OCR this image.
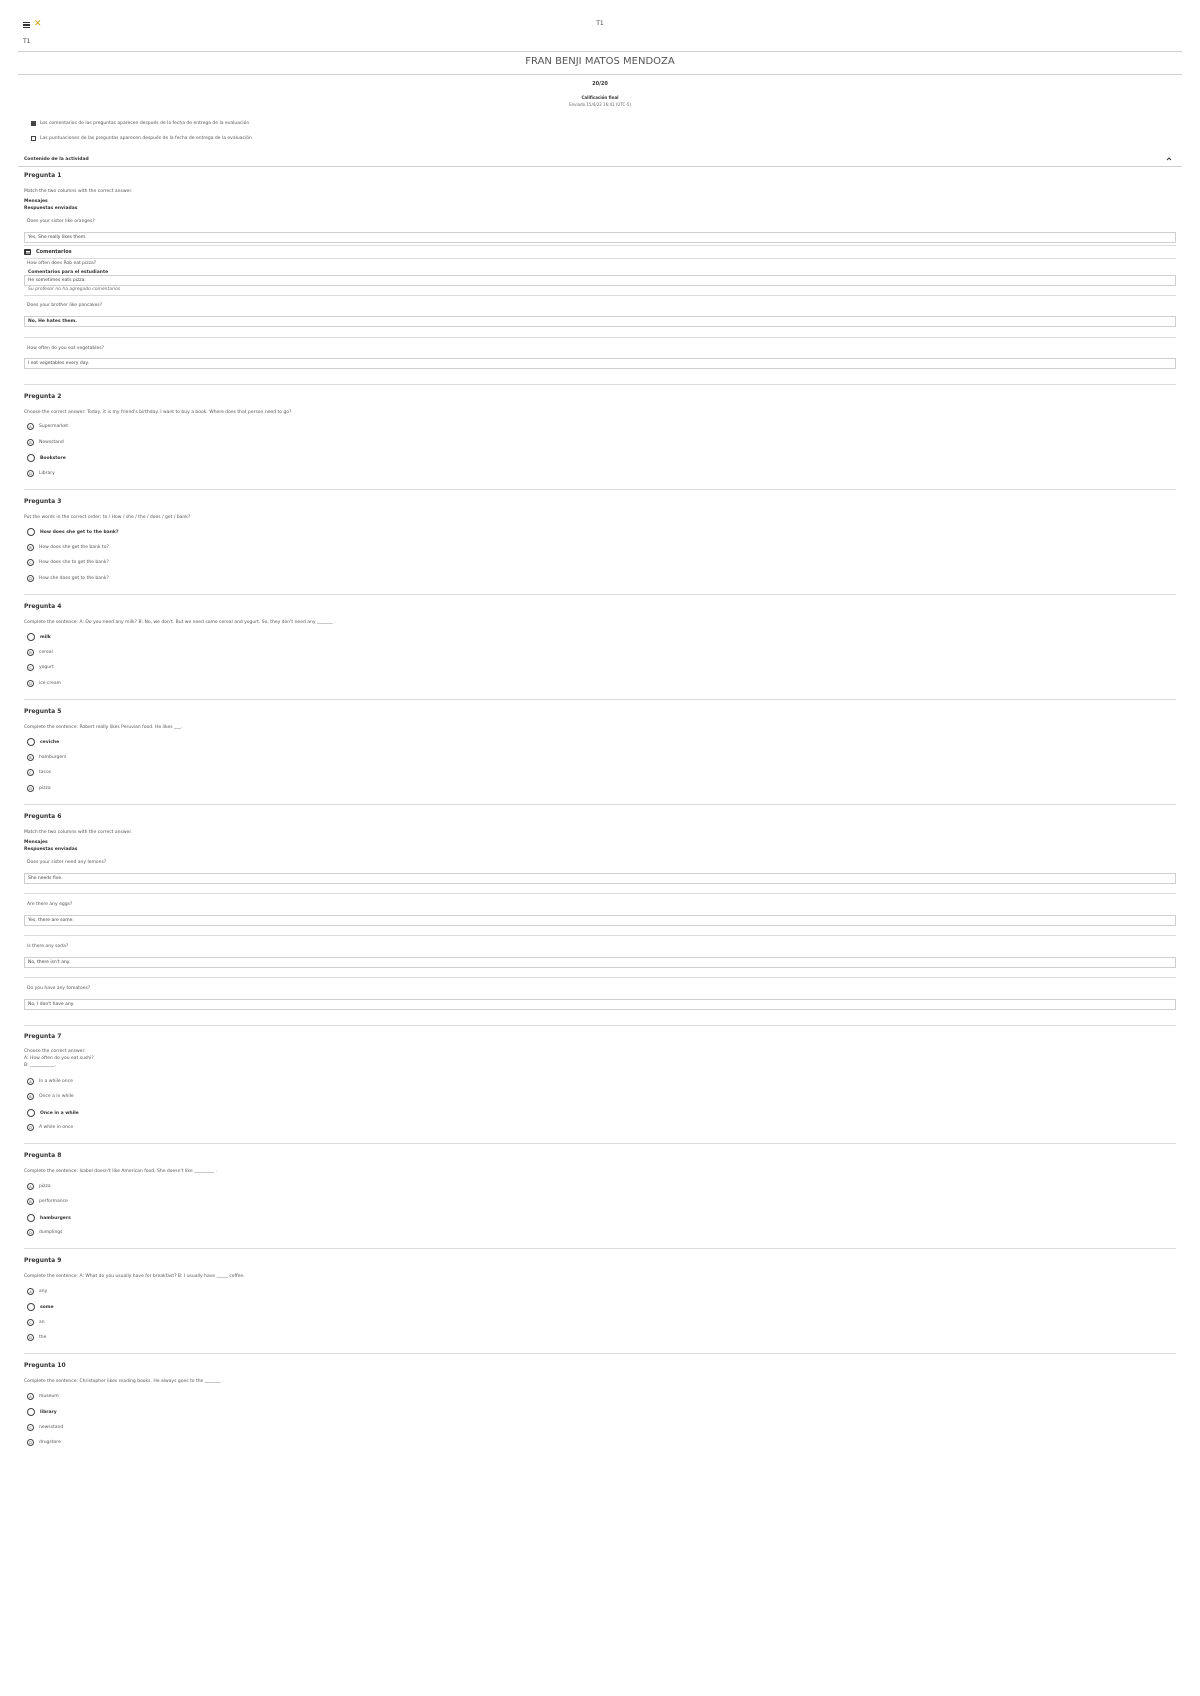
✕	T1
T1
FRAN BENJI MATOS MENDOZA
20/20
Calificación final
Enviado 15/4/22 16:41 (UTC-5)
Los comentarios de las preguntas aparecen después de la fecha de entrega de la evaluación
Las puntuaciones de las preguntas aparecen después de la fecha de entrega de la evaluación
Contenido de la actividad
Pregunta 1
Match the two columns with the correct answer.
Mensajes
Respuestas enviadas
Does your sister like oranges?
Yes, She really likes them.
Comentarios
How often does Rob eat pizza?
Comentarios para el estudiante
He sometimes eats pizza.
Su profesor no ha agregado comentarios
Does your brother like pancakes?
No, He hates them.
How often do you eat vegetables?
I eat vegetables every day.
Pregunta 2
Choose the correct answer: Today, it is my friend's birthday. I want to buy a book. Where does that person need to go?
A	Supermarket
B	Newsstand
Bookstore
D	Library
Pregunta 3
Put the words in the correct order: to / How / she / the / does / get / bank?
How does she get to the bank?
B	How does she get the bank to?
C	How does she to get the bank?
D	How she does get to the bank?
Pregunta 4
Complete the sentence: A: Do you need any milk? B: No, we don't. But we need some cereal and yogurt. So, they don't need any _______ .
milk
B	cereal
C	yogurt
D	ice cream
Pregunta 5
Complete the sentence: Robert really likes Peruvian food. He likes ___.
ceviche
B	hamburgers
C	tacos
D	pizza
Pregunta 6
Match the two columns with the correct answer.
Mensajes
Respuestas enviadas
Does your sister need any lemons?
She needs five.
Are there any eggs?
Yes, there are some.
Is there any soda?
No, there isn't any.
Do you have any tomatoes?
No, I don't have any.
Pregunta 7
Choose the correct answer:
A: How often do you eat sushi?
B: ___________.
A	In a while once
B	Once a in while
Once in a while
D	A while in once
Pregunta 8
Complete the sentence: Isabel doesn't like American food. She doesn't like _________ .
A	pizza
B	performance
hamburgers
D	dumplings
Pregunta 9
Complete the sentence: A: What do you usually have for breakfast? B: I usually have _____ coffee.
A	any
some
C	an
D	the
Pregunta 10
Complete the sentence: Christopher likes reading books. He always goes to the _______ .
A	museum
library
C	newsstand
D	drugstore
